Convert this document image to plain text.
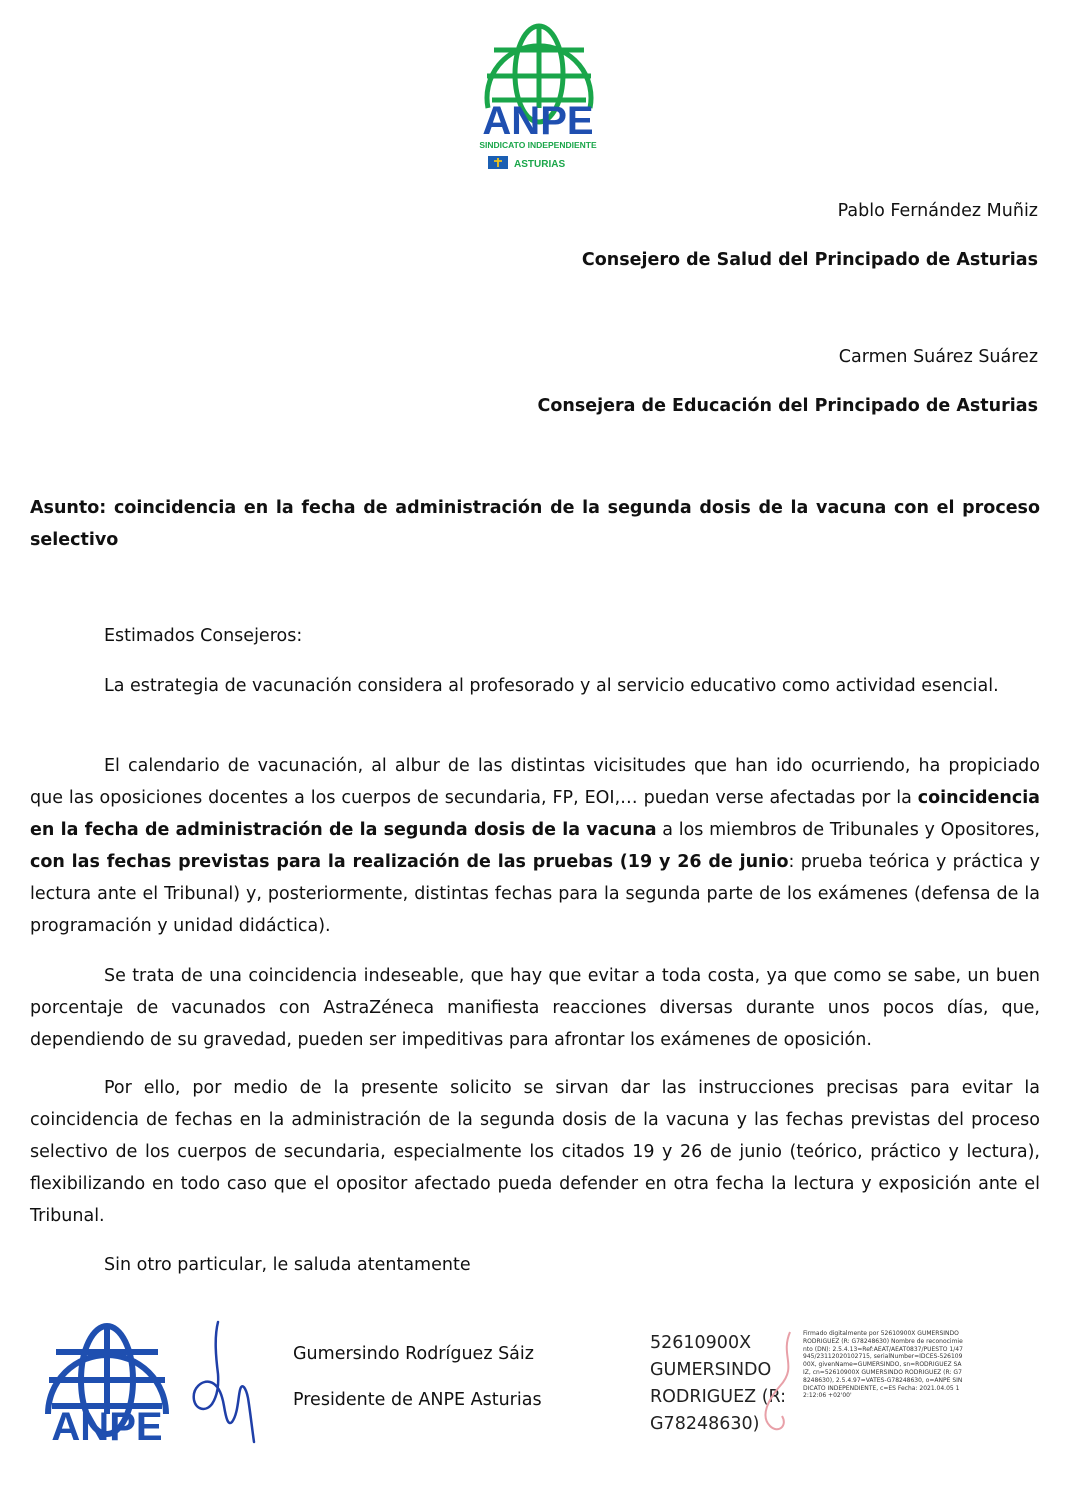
ANPE
SINDICATO INDEPENDIENTE
ASTURIAS
Pablo Fernández Muñiz
Consejero de Salud del Principado de Asturias
Carmen Suárez Suárez
Consejera de Educación del Principado de Asturias
Asunto: coincidencia en la fecha de administración de la segunda dosis de la vacuna con el proceso selectivo

Estimados Consejeros:

La estrategia de vacunación considera al profesorado y al servicio educativo como actividad esencial.

El calendario de vacunación, al albur de las distintas vicisitudes que han ido ocurriendo, ha propiciado que las oposiciones docentes a los cuerpos de secundaria, FP, EOI,… puedan verse afectadas por la coincidencia en la fecha de administración de la segunda dosis de la vacuna a los miembros de Tribunales y Opositores, con las fechas previstas para la realización de las pruebas (19 y 26 de junio: prueba teórica y práctica y lectura ante el Tribunal) y, posteriormente, distintas fechas para la segunda parte de los exámenes (defensa de la programación y unidad didáctica).

Se trata de una coincidencia indeseable, que hay que evitar a toda costa, ya que como se sabe, un buen porcentaje de vacunados con AstraZéneca manifiesta reacciones diversas durante unos pocos días, que, dependiendo de su gravedad, pueden ser impeditivas para afrontar los exámenes de oposición.

Por ello, por medio de la presente solicito se sirvan dar las instrucciones precisas para evitar la coincidencia de fechas en la administración de la segunda dosis de la vacuna y las fechas previstas del proceso selectivo de los cuerpos de secundaria, especialmente los citados 19 y 26 de junio (teórico, práctico y lectura), flexibilizando en todo caso que el opositor afectado pueda defender en otra fecha la lectura y exposición ante el Tribunal.

Sin otro particular, le saluda atentamente

ANPE
Gumersindo Rodríguez Sáiz
Presidente de ANPE Asturias
52610900X
GUMERSINDO
RODRIGUEZ (R:
G78248630)
Firmado digitalmente por 52610900X GUMERSINDO RODRIGUEZ (R: G78248630) Nombre de reconocimiento (DN): 2.5.4.13=Ref:AEAT/AEAT0837/PUESTO 1/47945/23112020102715, serialNumber=IDCES-52610900X, givenName=GUMERSINDO, sn=RODRIGUEZ SAIZ, cn=52610900X GUMERSINDO RODRIGUEZ (R: G78248630), 2.5.4.97=VATES-G78248630, o=ANPE SINDICATO INDEPENDIENTE, c=ES Fecha: 2021.04.05 12:12:06 +02'00'
